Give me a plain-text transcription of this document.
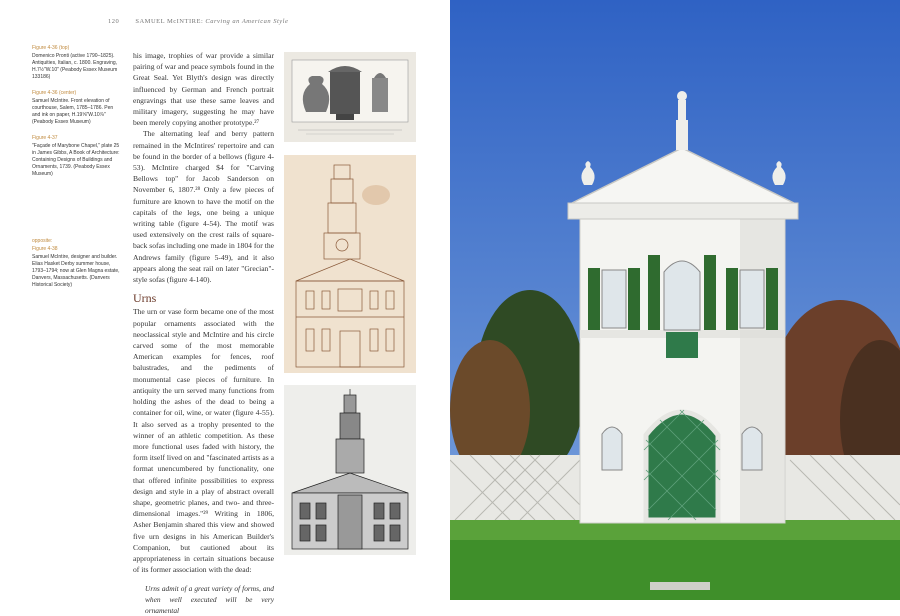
120 SAMUEL McINTIRE: Carving an American Style
Figure 4-36 (top)
Domenico Pronti (active 1790–1825). Antiquities, Italian, c. 1800. Engraving, H.7½"W.10" (Peabody Essex Museum 133186)
Figure 4-36 (center)
Samuel McIntire. Front elevation of courthouse, Salem, 1785–1786. Pen and ink on paper, H.19⅝"W.10⅞" (Peabody Essex Museum)
Figure 4-37
"Façade of Marybone Chapel," plate 25 in James Gibbs, A Book of Architecture: Containing Designs of Buildings and Ornaments, 1739. (Peabody Essex Museum)
opposite:
Figure 4-38
Samuel McIntire, designer and builder. Elias Hasket Derby summer house, 1793–1794; now at Glen Magna estate, Danvers, Massachusetts. (Danvers Historical Society)

his image, trophies of war provide a similar pairing of war and peace symbols found in the Great Seal. Yet Blyth's design was directly influenced by German and French portrait engravings that use these same leaves and military imagery, suggesting he may have been merely copying another prototype.²⁷

The alternating leaf and berry pattern remained in the McIntires' repertoire and can be found in the border of a bellows (figure 4-53). McIntire charged $4 for "Carving Bellows top" for Jacob Sanderson on November 6, 1807.²⁸ Only a few pieces of furniture are known to have the motif on the capitals of the legs, one being a unique writing table (figure 4-54). The motif was used extensively on the crest rails of square-back sofas including one made in 1804 for the Andrews family (figure 5-49), and it also appears along the seat rail on later "Grecian"-style sofas (figure 4-140).

Urns

The urn or vase form became one of the most popular ornaments associated with the neoclassical style and McIntire and his circle carved some of the most memorable American examples for fences, roof balustrades, and the pediments of monumental case pieces of furniture. In antiquity the urn served many functions from holding the ashes of the dead to being a container for oil, wine, or water (figure 4-55). It also served as a trophy presented to the winner of an athletic competition. As these more functional uses faded with history, the form itself lived on and "fascinated artists as a format unencumbered by functionality, one that offered infinite possibilities to express design and style in a play of abstract overall shape, geometric planes, and two- and three-dimensional images."²⁹ Writing in 1806, Asher Benjamin shared this view and showed five urn designs in his American Builder's Companion, but cautioned about its appropriateness in certain situations because of its former association with the dead:

Urns admit of a great variety of forms, and when well executed will be very ornamental
